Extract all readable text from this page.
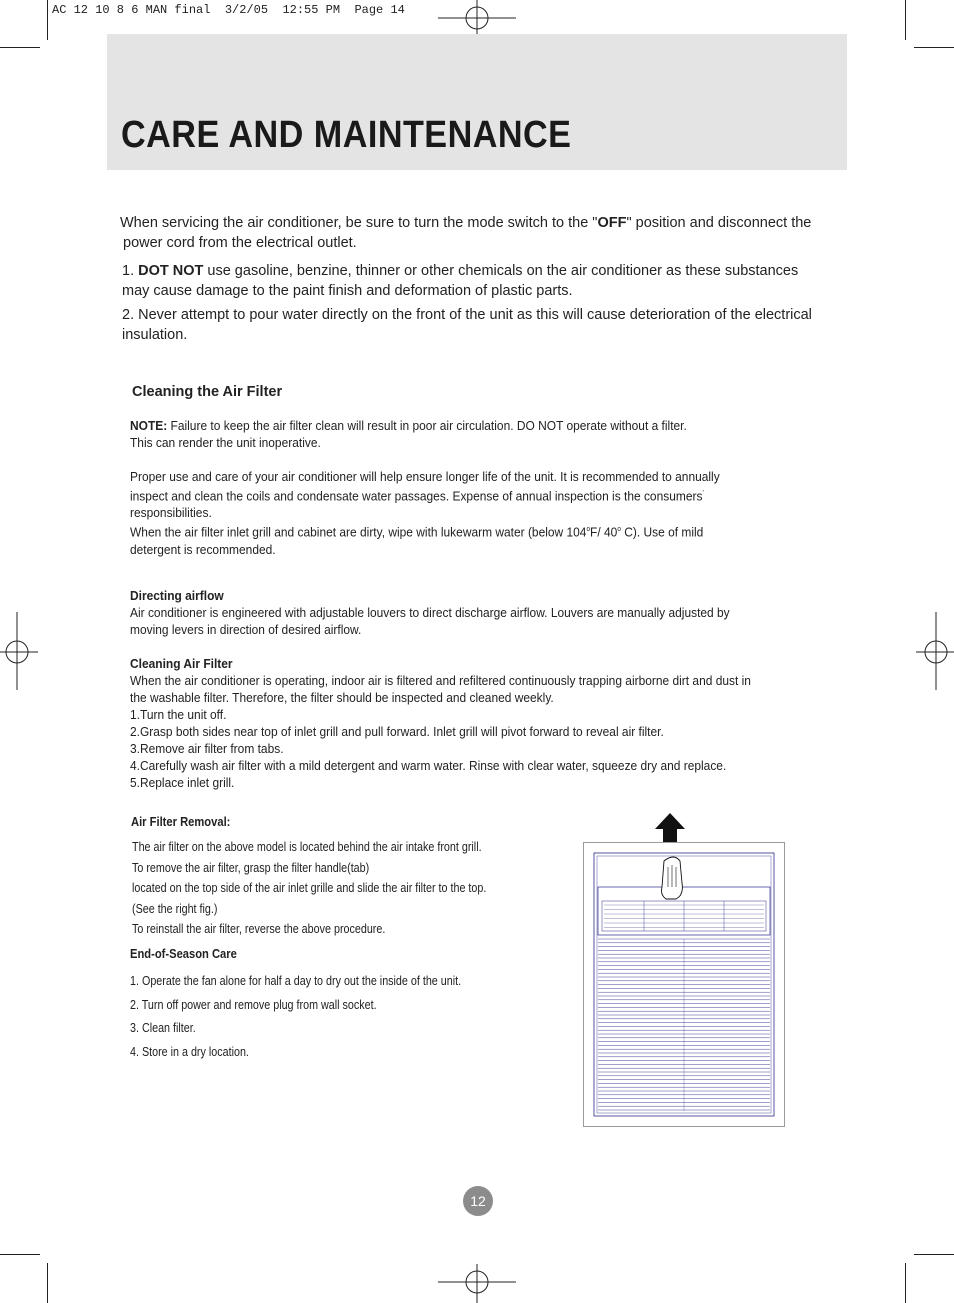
AC 12 10 8 6 MAN final  3/2/05  12:55 PM  Page 14
CARE AND MAINTENANCE
When servicing the air conditioner, be sure to turn the mode switch to the "OFF" position and disconnect the
power cord from the electrical outlet.
1. DOT NOT use gasoline, benzine, thinner or other chemicals on the air conditioner as these substances
may cause damage to the paint finish and deformation of plastic parts.
2. Never attempt to pour water directly on the front of the unit as this will cause deterioration of the electrical
insulation.
Cleaning the Air Filter
NOTE: Failure to keep the air filter clean will result in poor air circulation. DO NOT operate without a filter.
This can render the unit inoperative.
Proper use and care of your air conditioner will help ensure longer life of the unit. It is recommended to annually
inspect and clean the coils and condensate water passages. Expense of annual inspection is the consumers'
responsibilities.
When the air filter inlet grill and cabinet are dirty, wipe with lukewarm water (below 104$^o$F/ 40$^o$ C). Use of mild
detergent is recommended.
Directing airflow
Air conditioner is engineered with adjustable louvers to direct discharge airflow. Louvers are manually adjusted by
moving levers in direction of desired airflow.
Cleaning Air Filter
When the air conditioner is operating, indoor air is filtered and refiltered continuously trapping airborne dirt and dust in
the washable filter. Therefore, the filter should be inspected and cleaned weekly.
1.Turn the unit off.
2.Grasp both sides near top of inlet grill and pull forward. Inlet grill will pivot forward to reveal air filter.
3.Remove air filter from tabs.
4.Carefully wash air filter with a mild detergent and warm water. Rinse with clear water, squeeze dry and replace.
5.Replace inlet grill.
Air Filter Removal:
The air filter on the above model is located behind the air intake front grill.
To remove the air filter, grasp the filter handle(tab)
located on the top side of the air inlet grille and slide the air filter to the top.
(See the right fig.)
To reinstall the air filter, reverse the above procedure.
End-of-Season Care
1. Operate the fan alone for half a day to dry out the inside of the unit.
2. Turn off power and remove plug from wall socket.
3. Clean filter.
4. Store in a dry location.
12
